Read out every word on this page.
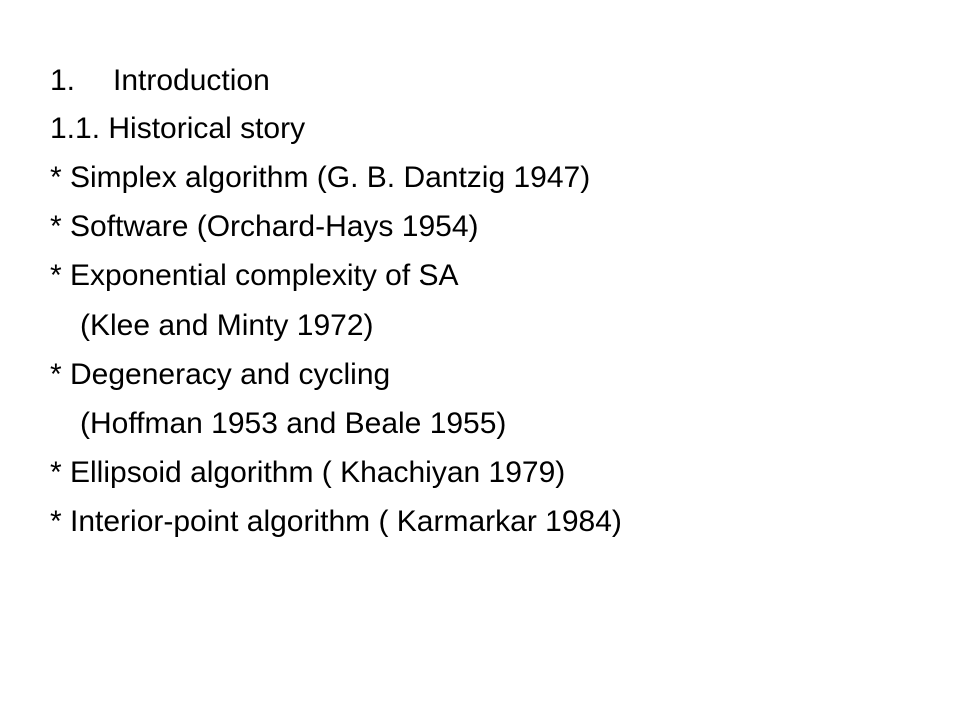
1. Introduction
1.1. Historical story
* Simplex algorithm (G. B. Dantzig 1947)
* Software (Orchard-Hays 1954)
* Exponential complexity of SA
(Klee and Minty 1972)
* Degeneracy and cycling
(Hoffman 1953 and Beale 1955)
* Ellipsoid algorithm ( Khachiyan 1979)
* Interior-point algorithm ( Karmarkar 1984)
